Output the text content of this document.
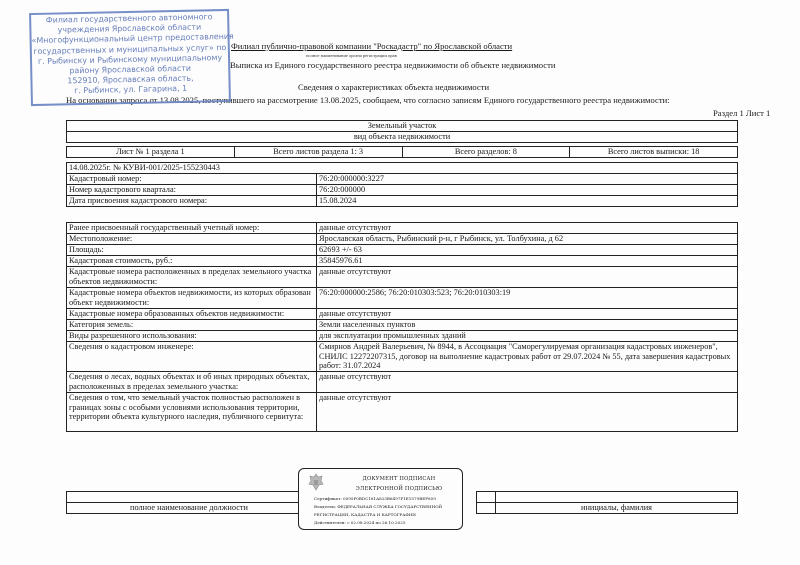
Филиал публично-правовой компании "Роскадастр" по Ярославской области
полное наименование органа регистрации прав
Выписка из Единого государственного реестра недвижимости об объекте недвижимости
Сведения о характеристиках объекта недвижимости
На основании запроса от 13.08.2025, поступившего на рассмотрение 13.08.2025, сообщаем, что согласно записям Единого государственного реестра недвижимости:
Раздел 1 Лист 1
Филиал государственного автономного
учреждения Ярославской области
«Многофункциональный центр предоставления
государственных и муниципальных услуг» по
г. Рыбинску и Рыбинскому муниципальному
району Ярославской области
152910, Ярославская область,
г. Рыбинск, ул. Гагарина, 1
Земельный участок
вид объекта недвижимости
Лист № 1 раздела 1	Всего листов раздела 1: 3	Всего разделов: 8	Всего листов выписки: 18
14.08.2025г. № КУВИ-001/2025-155230443	
Кадастровый номер:	76:20:000000:3227
Номер кадастрового квартала:	76:20:000000
Дата присвоения кадастрового номера:	15.08.2024
Ранее присвоенный государственный учетный номер:	данные отсутствуют
Местоположение:	Ярославская область, Рыбинский р-н, г Рыбинск, ул. Толбухина, д 62
Площадь:	62693 +/- 63
Кадастровая стоимость, руб.:	35845976.61
Кадастровые номера расположенных в пределах земельного участка объектов недвижимости:	данные отсутствуют
Кадастровые номера объектов недвижимости, из которых образован объект недвижимости:	76:20:000000:2586; 76:20:010303:523; 76:20:010303:19
Кадастровые номера образованных объектов недвижимости:	данные отсутствуют
Категория земель:	Земли населенных пунктов
Виды разрешенного использования:	для эксплуатации промышленных зданий
Сведения о кадастровом инженере:	Смирнов Андрей Валерьевич, № 8944, в Ассоциация "Саморегулируемая организация кадастровых инженеров", СНИЛС 12272207315, договор на выполнение кадастровых работ от 29.07.2024 № 55, дата завершения кадастровых работ: 31.07.2024
Сведения о лесах, водных объектах и об иных природных объектах, расположенных в пределах земельного участка:	данные отсутствуют
Сведения о том, что земельный участок полностью расположен в границах зоны с особыми условиями использования территории, территории объекта культурного наследия, публичного сервитута:	данные отсутствуют

полное наименование должности			инициалы, фамилия
ДОКУМЕНТ ПОДПИСАН
ЭЛЕКТРОННОЙ ПОДПИСЬЮ
Сертификат: 0095F0BDC181A823B6497F1E1579BEF859
Владелец: ФЕДЕРАЛЬНАЯ СЛУЖБА ГОСУДАРСТВЕННОЙ
РЕГИСТРАЦИИ, КАДАСТРА И КАРТОГРАФИИ
Действителен: с 02.08.2024 по 26.10.2025
